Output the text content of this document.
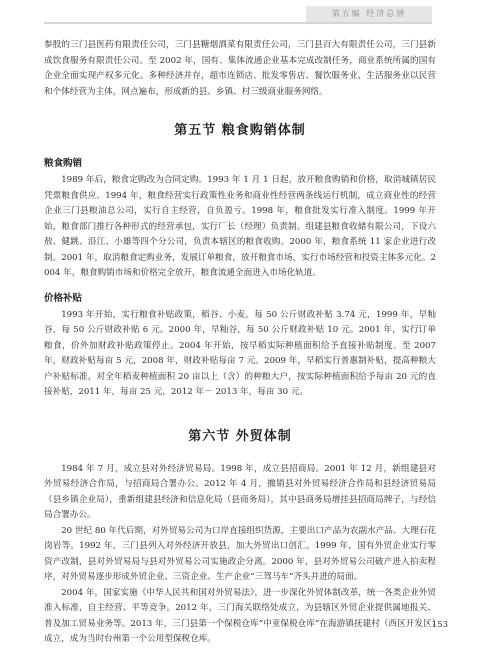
第五编 经济总情

参股的三门县医药有限责任公司，三门县糖烟酒菜有限责任公司，三门县百大有限责任公司，三门县新成饮食服务有限责任公司。至 2002 年，国有、集体流通企业基本完成改制任务，商业系统所属的国有企业全面实现产权多元化。多种经济并存，超市连锁店、批发零售店、餐饮服务业、生活服务业以民营和个体经营为主体，网点遍布，形成新的县、乡镇、村三级商业服务网络。

第五节 粮食购销体制
粮食购销

1989 年后，粮食定购改为合同定购。1993 年 1 月 1 日起，放开粮食购销和价格，取消城镇居民凭票粮食供应。1994 年，粮食经营实行政策性业务和商业性经营两条线运行机制，成立商业性的经营企业三门县粮油总公司，实行自主经营，自负盈亏。1998 年，粮食批发实行准入制度。1999 年开始，粮食部门推行各种形式的经营承包，实行厂长（经理）负责制。组建县粮食收储有限公司，下设六敖、健跳、沿江、小雄等四个分公司，负责本辖区的粮食收购。2000 年，粮食系统 11 家企业进行改制。2001 年，取消粮食定购业务，发展订单粮食，放开粮食市场，实行市场经营和投资主体多元化。2004 年，粮食购销市场和价格完全放开，粮食流通全面进入市场化轨道。

价格补贴

1993 年开始，实行粮食补贴政策，稻谷、小麦，每 50 公斤财政补贴 3.74 元，1999 年，早籼谷，每 50 公斤财政补贴 6 元。2000 年，早籼谷，每 50 公斤财政补贴 10 元。2001 年，实行订单粮食，价外加财政补贴政策停止。2004 年开始，按早稻实际种植面积给予直接补贴制度。至 2007 年，财政补贴每亩 5 元，2008 年，财政补贴每亩 7 元。2009 年，早稻实行普惠制补贴，提高种粮大户补贴标准，对全年稻麦种植面积 20 亩以上（含）的种粮大户，按实际种植面积给予每亩 20 元的直接补贴，2011 年，每亩 25 元，2012 年－ 2013 年，每亩 30 元。

第六节 外贸体制

1984 年 7 月，成立县对外经济贸易局。1998 年，成立县招商局。2001 年 12 月，新组建县对外贸易经济合作局，与招商局合署办公。2012 年 4 月，撤销县对外贸易经济合作局和县经济贸易局（县乡镇企业局），重新组建县经济和信息化局（县商务局），其中县商务局增挂县招商局牌子，与经信局合署办公。

20 世纪 80 年代后期，对外贸易公司为口岸直接组织货源，主要出口产品为农副水产品、大理石花岗岩等。1992 年，三门县列入对外经济开放县，加大外贸出口创汇。1999 年，国有外贸企业实行零资产改制，县对外贸易局与县对外贸易公司实施政企分离。2000 年，县对外贸易公司破产进入拍卖程序，对外贸易逐步形成外贸企业、三资企业、生产企业“三驾马车”齐头并进的局面。

2004 年，国家实施《中华人民共和国对外贸易法》，进一步深化外贸体制改革，统一各类企业外贸准入标准，自主经营、平等竞争。2012 年，三门海关联络处成立，为县辖区外贸企业提供属地报关、普及加工贸易业务等。2013 年，三门县第一个保税仓库“中亚保税仓库”在海游镇抚建村（西区开发区）成立，成为当时台州第一个公用型保税仓库。

153
